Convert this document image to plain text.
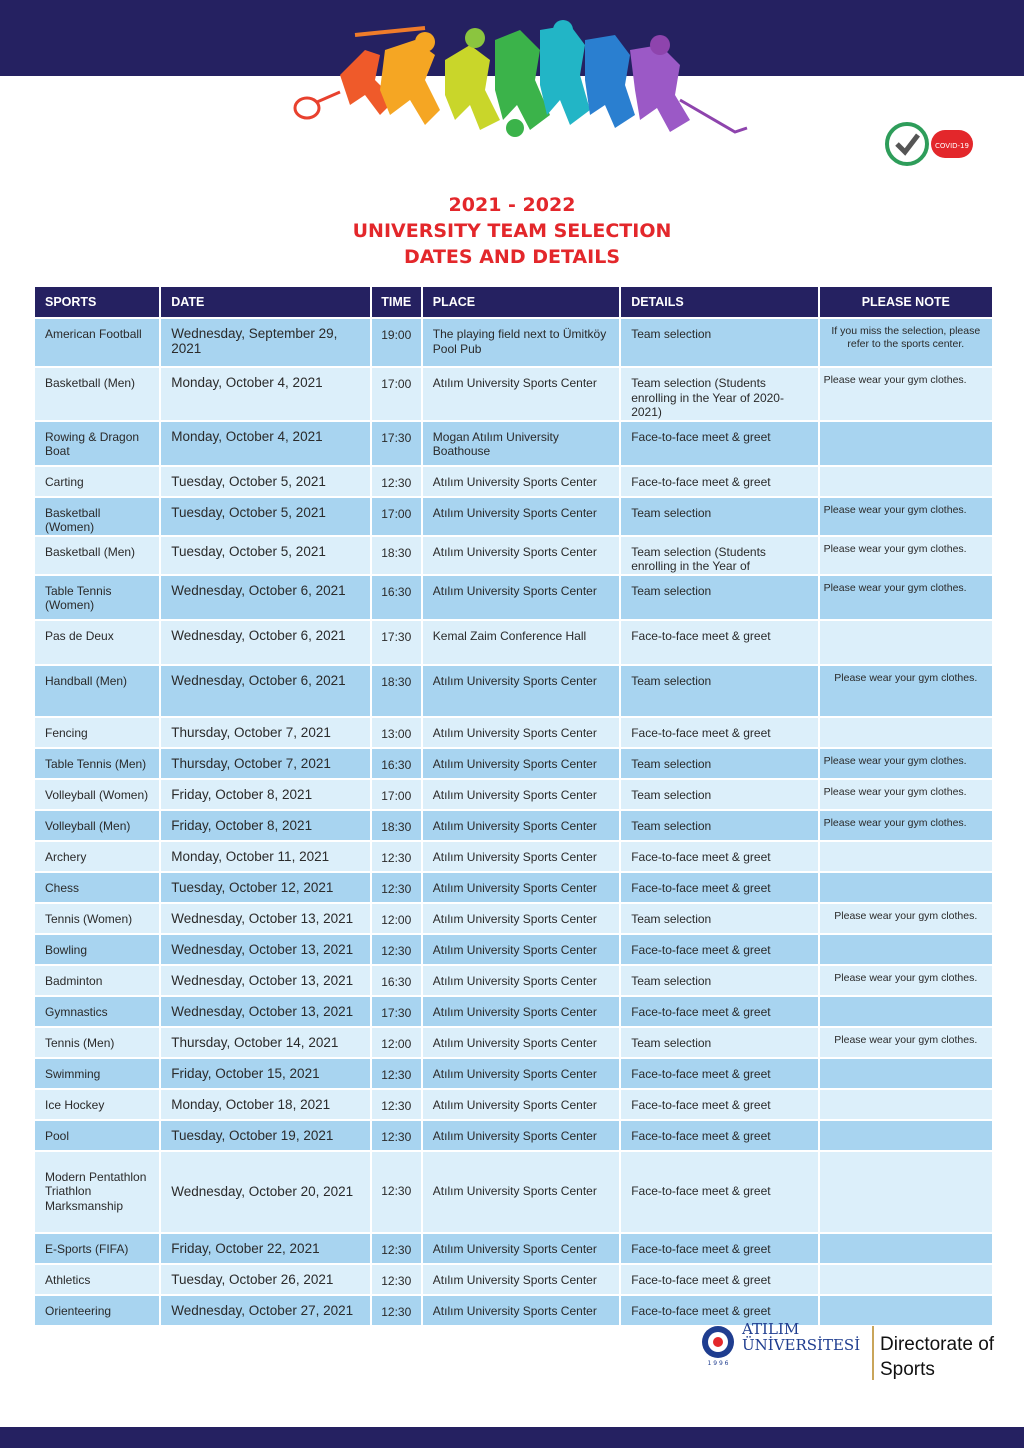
COVID-19
2021 - 2022
UNIVERSITY TEAM SELECTION
DATES AND DETAILS
SPORTS	DATE	TIME	PLACE	DETAILS	PLEASE NOTE
American Football	Wednesday, September 29, 2021	19:00	The playing field next to Ümitköy Pool Pub	Team selection	If you miss the selection, please refer to the sports center.
Basketball (Men)	Monday, October 4, 2021	17:00	Atılım University Sports Center	Team selection (Students enrolling in the Year of 2020-2021)	Please wear your gym clothes.
Rowing & Dragon Boat	Monday, October 4, 2021	17:30	Mogan Atılım University Boathouse	Face-to-face meet & greet	
Carting	Tuesday, October 5, 2021	12:30	Atılım University Sports Center	Face-to-face meet & greet	
Basketball (Women)	Tuesday, October 5, 2021	17:00	Atılım University Sports Center	Team selection	Please wear your gym clothes.
Basketball (Men)	Tuesday, October 5, 2021	18:30	Atılım University Sports Center	Team selection (Students enrolling in the Year of	Please wear your gym clothes.
Table Tennis (Women)	Wednesday, October 6, 2021	16:30	Atılım University Sports Center	Team selection	Please wear your gym clothes.
Pas de Deux	Wednesday, October 6, 2021	17:30	Kemal Zaim Conference Hall	Face-to-face meet & greet	
Handball (Men)	Wednesday, October 6, 2021	18:30	Atılım University Sports Center	Team selection	Please wear your gym clothes.
Fencing	Thursday, October 7, 2021	13:00	Atılım University Sports Center	Face-to-face meet & greet	
Table Tennis (Men)	Thursday, October 7, 2021	16:30	Atılım University Sports Center	Team selection	Please wear your gym clothes.
Volleyball (Women)	Friday, October 8, 2021	17:00	Atılım University Sports Center	Team selection	Please wear your gym clothes.
Volleyball (Men)	Friday, October 8, 2021	18:30	Atılım University Sports Center	Team selection	Please wear your gym clothes.
Archery	Monday, October 11, 2021	12:30	Atılım University Sports Center	Face-to-face meet & greet	
Chess	Tuesday, October 12, 2021	12:30	Atılım University Sports Center	Face-to-face meet & greet	
Tennis (Women)	Wednesday, October 13, 2021	12:00	Atılım University Sports Center	Team selection	Please wear your gym clothes.
Bowling	Wednesday, October 13, 2021	12:30	Atılım University Sports Center	Face-to-face meet & greet	
Badminton	Wednesday, October 13, 2021	16:30	Atılım University Sports Center	Team selection	Please wear your gym clothes.
Gymnastics	Wednesday, October 13, 2021	17:30	Atılım University Sports Center	Face-to-face meet & greet	
Tennis (Men)	Thursday, October 14, 2021	12:00	Atılım University Sports Center	Team selection	Please wear your gym clothes.
Swimming	Friday, October 15, 2021	12:30	Atılım University Sports Center	Face-to-face meet & greet	
Ice Hockey	Monday, October 18, 2021	12:30	Atılım University Sports Center	Face-to-face meet & greet	
Pool	Tuesday, October 19, 2021	12:30	Atılım University Sports Center	Face-to-face meet & greet	
Modern Pentathlon Triathlon Marksmanship	Wednesday, October 20, 2021	12:30	Atılım University Sports Center	Face-to-face meet & greet	
E-Sports (FIFA)	Friday, October 22, 2021	12:30	Atılım University Sports Center	Face-to-face meet & greet	
Athletics	Tuesday, October 26, 2021	12:30	Atılım University Sports Center	Face-to-face meet & greet	
Orienteering	Wednesday, October 27, 2021	12:30	Atılım University Sports Center	Face-to-face meet & greet	
1 9 9 6
ATILIM
ÜNİVERSİTESİ Directorate of
Sports
